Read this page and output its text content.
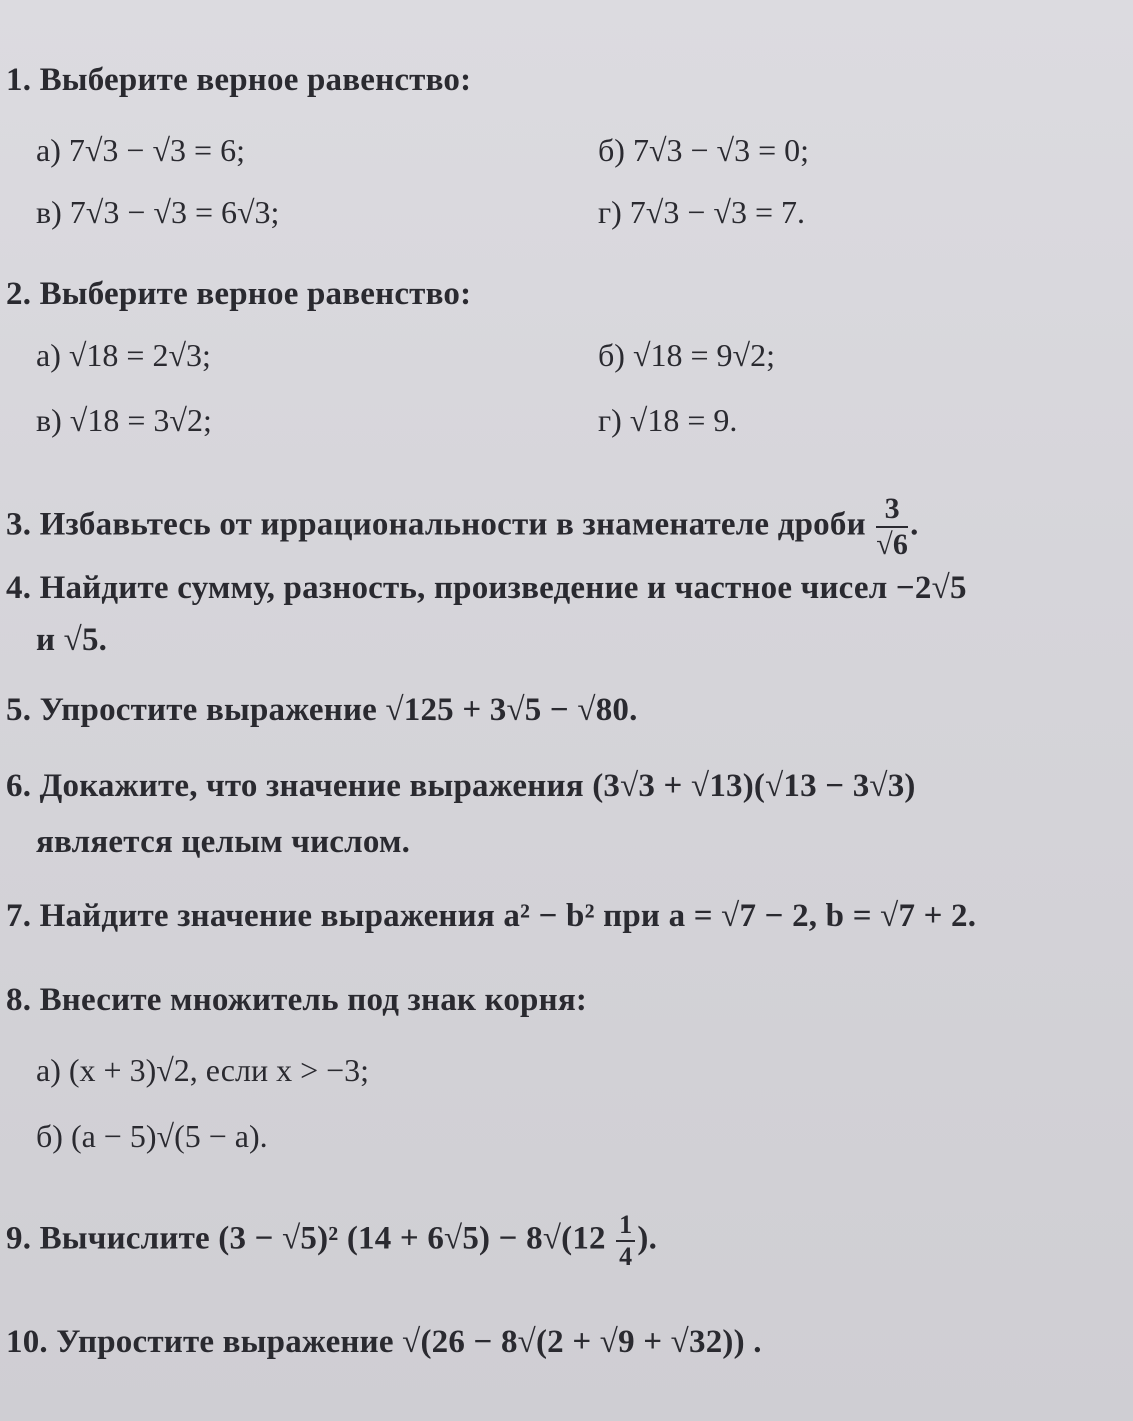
1. Выберите верное равенство:
а) 7√3 − √3 = 6;	б) 7√3 − √3 = 0;
в) 7√3 − √3 = 6√3;	г) 7√3 − √3 = 7.
2. Выберите верное равенство:
а) √18 = 2√3;	б) √18 = 9√2;
в) √18 = 3√2;	г) √18 = 9.
3. Избавьтесь от иррациональности в знаменателе дроби $\frac{3}{√6}$ .
4. Найдите сумму, разность, произведение и частное чисел −2√5
и √5.
5. Упростите выражение √125 + 3√5 − √80.
6. Докажите, что значение выражения (3√3 + √13)(√13 − 3√3)
является целым числом.
7. Найдите значение выражения a² − b² при a = √7 − 2, b = √7 + 2.
8. Внесите множитель под знак корня:
а) (x + 3)√2, если x > −3;
б) (a − 5)√(5 − a).
9. Вычислите (3 − √5)² $(14 + 6√5) - 8√(12 \frac{1}{4}$ ).
10. Упростите выражение √(26 − 8√(2 + √9 + √32)) .
